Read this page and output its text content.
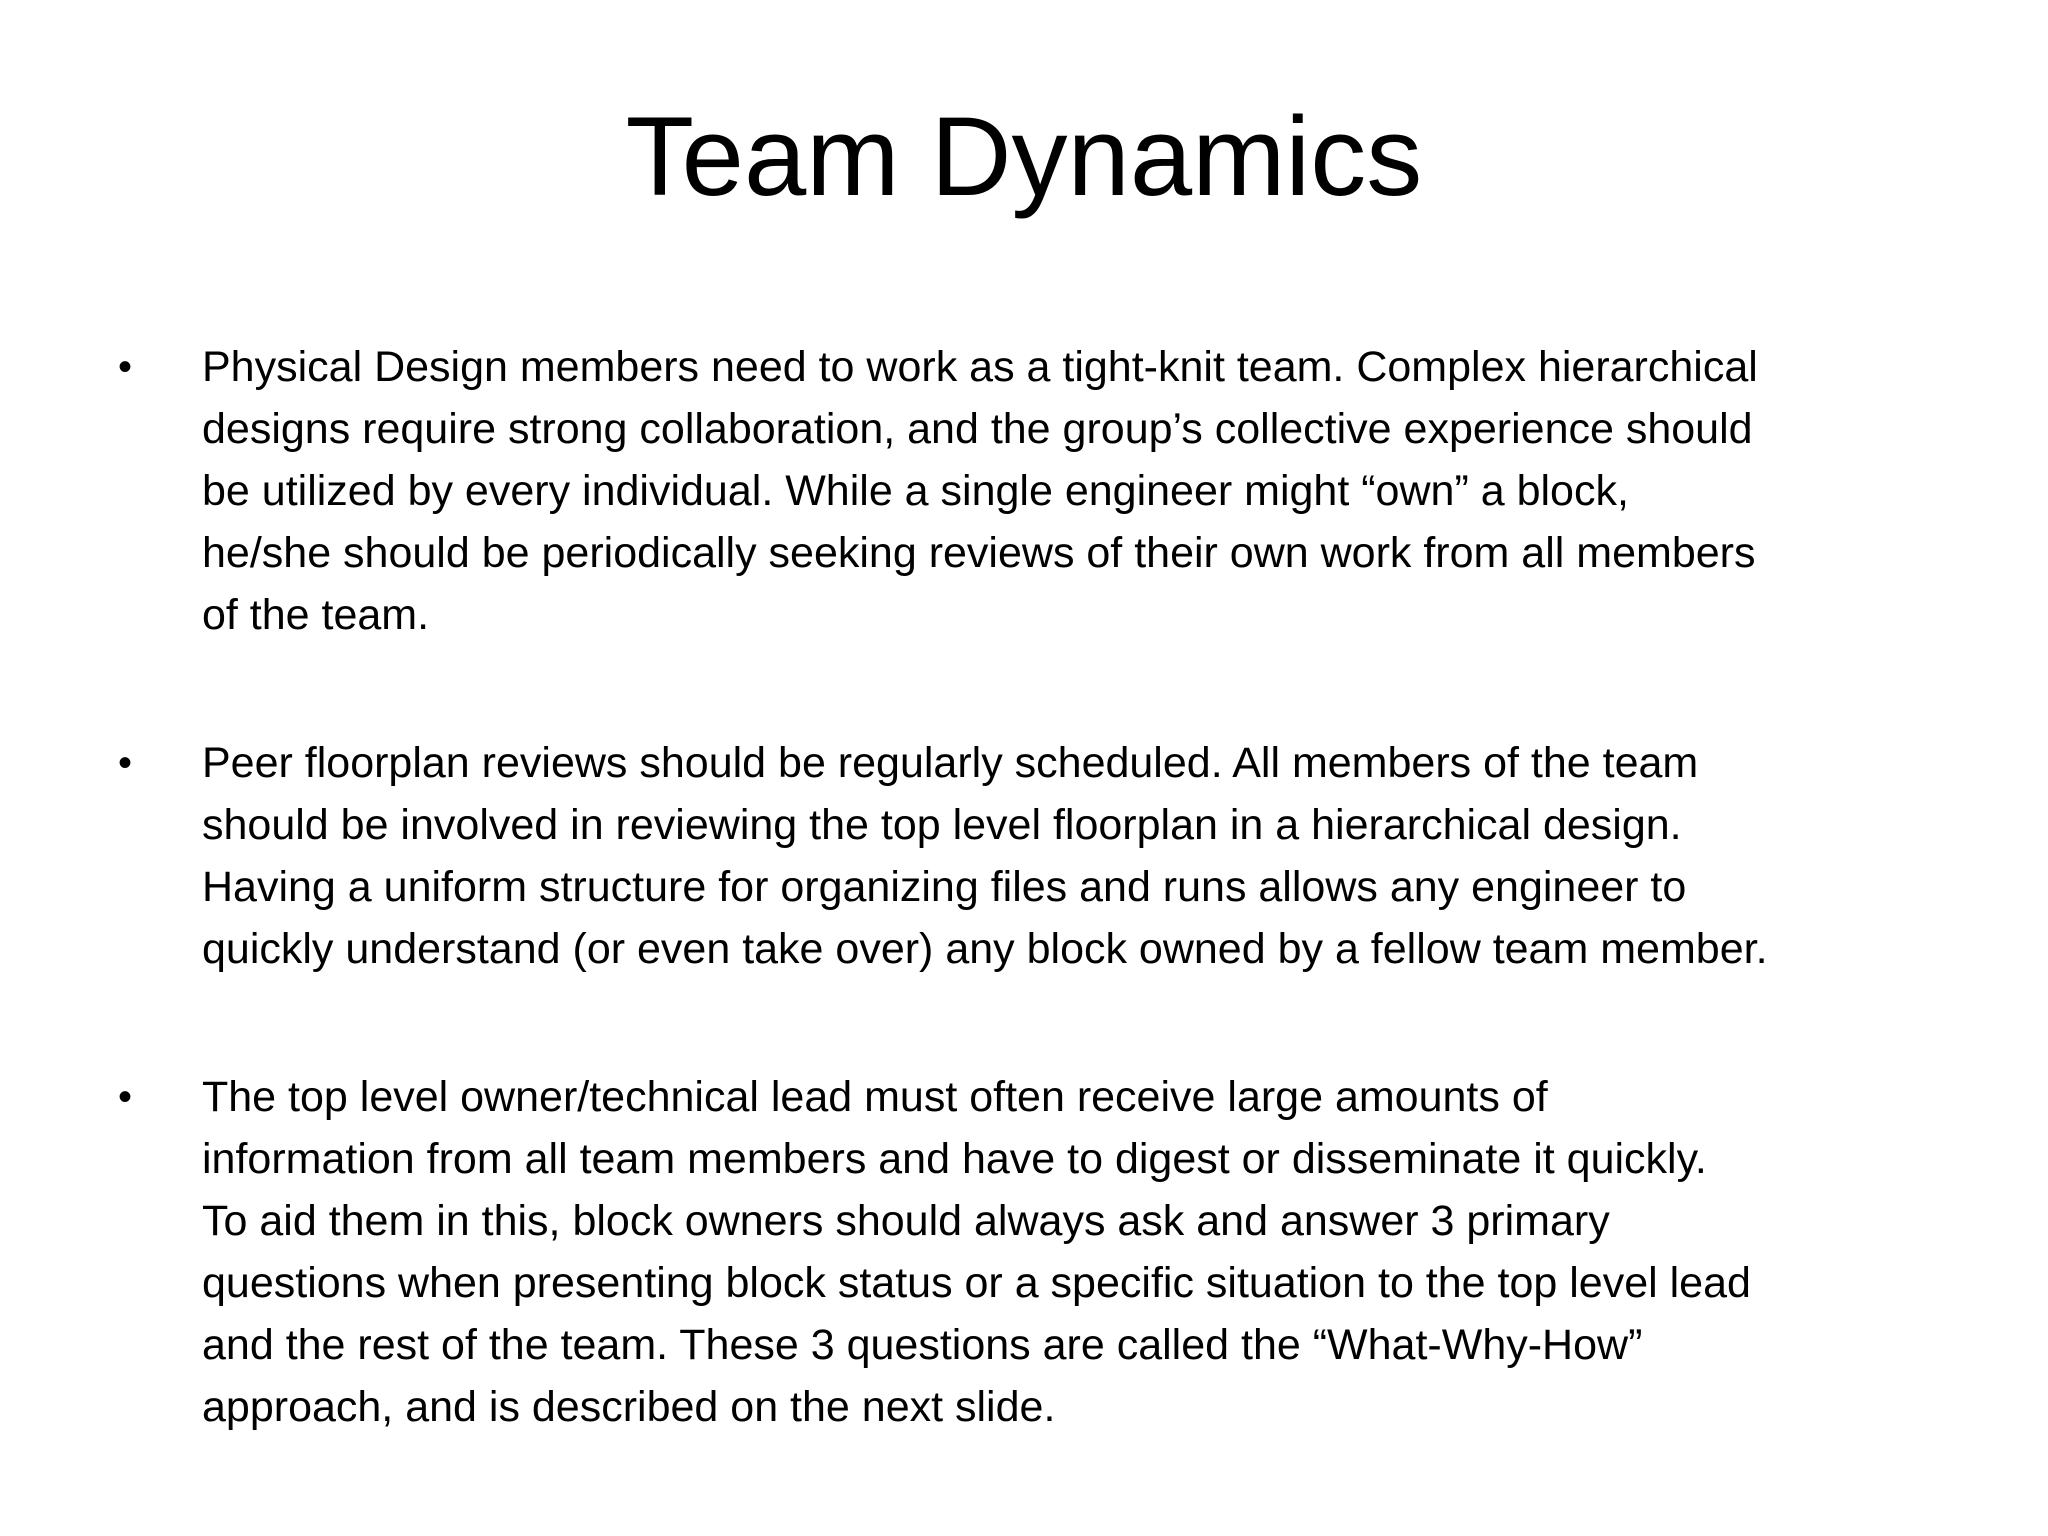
Team Dynamics
•	Physical Design members need to work as a tight-knit team. Complex hierarchical
designs require strong collaboration, and the group’s collective experience should
be utilized by every individual. While a single engineer might “own” a block,
he/she should be periodically seeking reviews of their own work from all members
of the team.
•	Peer floorplan reviews should be regularly scheduled. All members of the team
should be involved in reviewing the top level floorplan in a hierarchical design.
Having a uniform structure for organizing files and runs allows any engineer to
quickly understand (or even take over) any block owned by a fellow team member.
•	The top level owner/technical lead must often receive large amounts of
information from all team members and have to digest or disseminate it quickly.
To aid them in this, block owners should always ask and answer 3 primary
questions when presenting block status or a specific situation to the top level lead
and the rest of the team. These 3 questions are called the “What-Why-How”
approach, and is described on the next slide.
